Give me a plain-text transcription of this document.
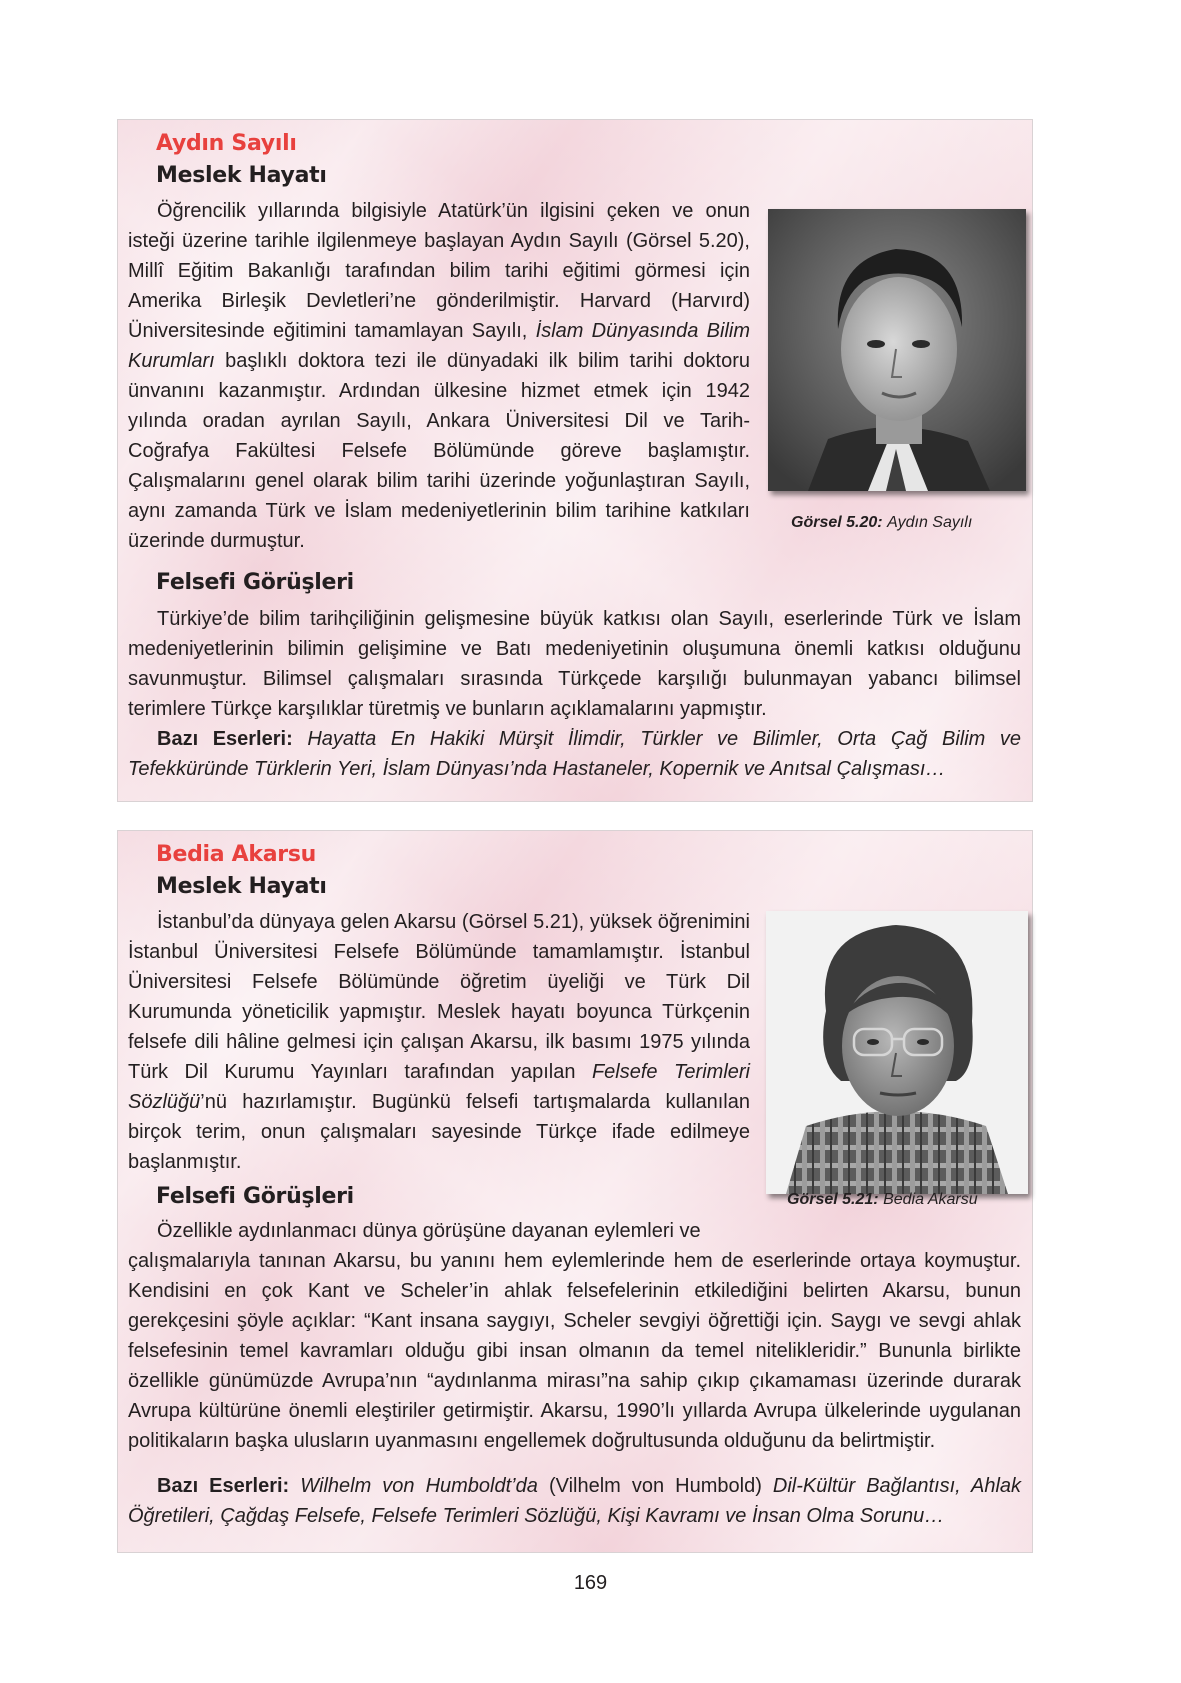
Aydın Sayılı
Meslek Hayatı

Öğrencilik yıllarında bilgisiyle Atatürk’ün ilgisini çeken ve onun isteği üzerine tarihle ilgilenmeye başlayan Aydın Sayılı (Görsel 5.20), Millî Eğitim Bakanlığı tarafından bilim tarihi eğitimi görmesi için Amerika Birleşik Devletleri’ne gönderilmiştir. Harvard (Harvırd) Üniversitesinde eğitimini tamamlayan Sayılı, İslam Dünyasında Bilim Kurumları başlıklı doktora tezi ile dünyadaki ilk bilim tarihi doktoru ünvanını kazanmıştır. Ardından ülkesine hizmet etmek için 1942 yılında oradan ayrılan Sayılı, Ankara Üniversitesi Dil ve Tarih-Coğrafya Fakültesi Felsefe Bölümünde göreve başlamıştır. Çalışmalarını genel olarak bilim tarihi üzerinde yoğunlaştıran Sayılı, aynı zamanda Türk ve İslam medeniyetlerinin bilim tarihine katkıları üzerinde durmuştur.

Görsel 5.20: Aydın Sayılı
Felsefi Görüşleri

Türkiye’de bilim tarihçiliğinin gelişmesine büyük katkısı olan Sayılı, eserlerinde Türk ve İslam medeniyetlerinin bilimin gelişimine ve Batı medeniyetinin oluşumuna önemli katkısı olduğunu savunmuştur. Bilimsel çalışmaları sırasında Türkçede karşılığı bulunmayan yabancı bilimsel terimlere Türkçe karşılıklar türetmiş ve bunların açıklamalarını yapmıştır.

Bazı Eserleri: Hayatta En Hakiki Mürşit İlimdir, Türkler ve Bilimler, Orta Çağ Bilim ve Tefekküründe Türklerin Yeri, İslam Dünyası’nda Hastaneler, Kopernik ve Anıtsal Çalışması…

Bedia Akarsu
Meslek Hayatı

İstanbul’da dünyaya gelen Akarsu (Görsel 5.21), yüksek öğrenimini İstanbul Üniversitesi Felsefe Bölümünde tamamlamıştır. İstanbul Üniversitesi Felsefe Bölümünde öğretim üyeliği ve Türk Dil Kurumunda yöneticilik yapmıştır. Meslek hayatı boyunca Türkçenin felsefe dili hâline gelmesi için çalışan Akarsu, ilk basımı 1975 yılında Türk Dil Kurumu Yayınları tarafından yapılan Felsefe Terimleri Sözlüğü’nü hazırlamıştır. Bugünkü felsefi tartışmalarda kullanılan birçok terim, onun çalışmaları sayesinde Türkçe ifade edilmeye başlanmıştır.

Felsefi Görüşleri	Görsel 5.21: Bedia Akarsu

Özellikle aydınlanmacı dünya görüşüne dayanan eylemleri ve
çalışmalarıyla tanınan Akarsu, bu yanını hem eylemlerinde hem de eserlerinde ortaya koymuştur. Kendisini en çok Kant ve Scheler’in ahlak felsefelerinin etkilediğini belirten Akarsu, bunun gerekçesini şöyle açıklar: “Kant insana saygıyı, Scheler sevgiyi öğrettiği için. Saygı ve sevgi ahlak felsefesinin temel kavramları olduğu gibi insan olmanın da temel nitelikleridir.” Bununla birlikte özellikle günümüzde Avrupa’nın “aydınlanma mirası”na sahip çıkıp çıkamaması üzerinde durarak Avrupa kültürüne önemli eleştiriler getirmiştir. Akarsu, 1990’lı yıllarda Avrupa ülkelerinde uygulanan politikaların başka ulusların uyanmasını engellemek doğrultusunda olduğunu da belirtmiştir.

Bazı Eserleri: Wilhelm von Humboldt’da (Vilhelm von Humbold) Dil-Kültür Bağlantısı, Ahlak Öğretileri, Çağdaş Felsefe, Felsefe Terimleri Sözlüğü, Kişi Kavramı ve İnsan Olma Sorunu…

169
